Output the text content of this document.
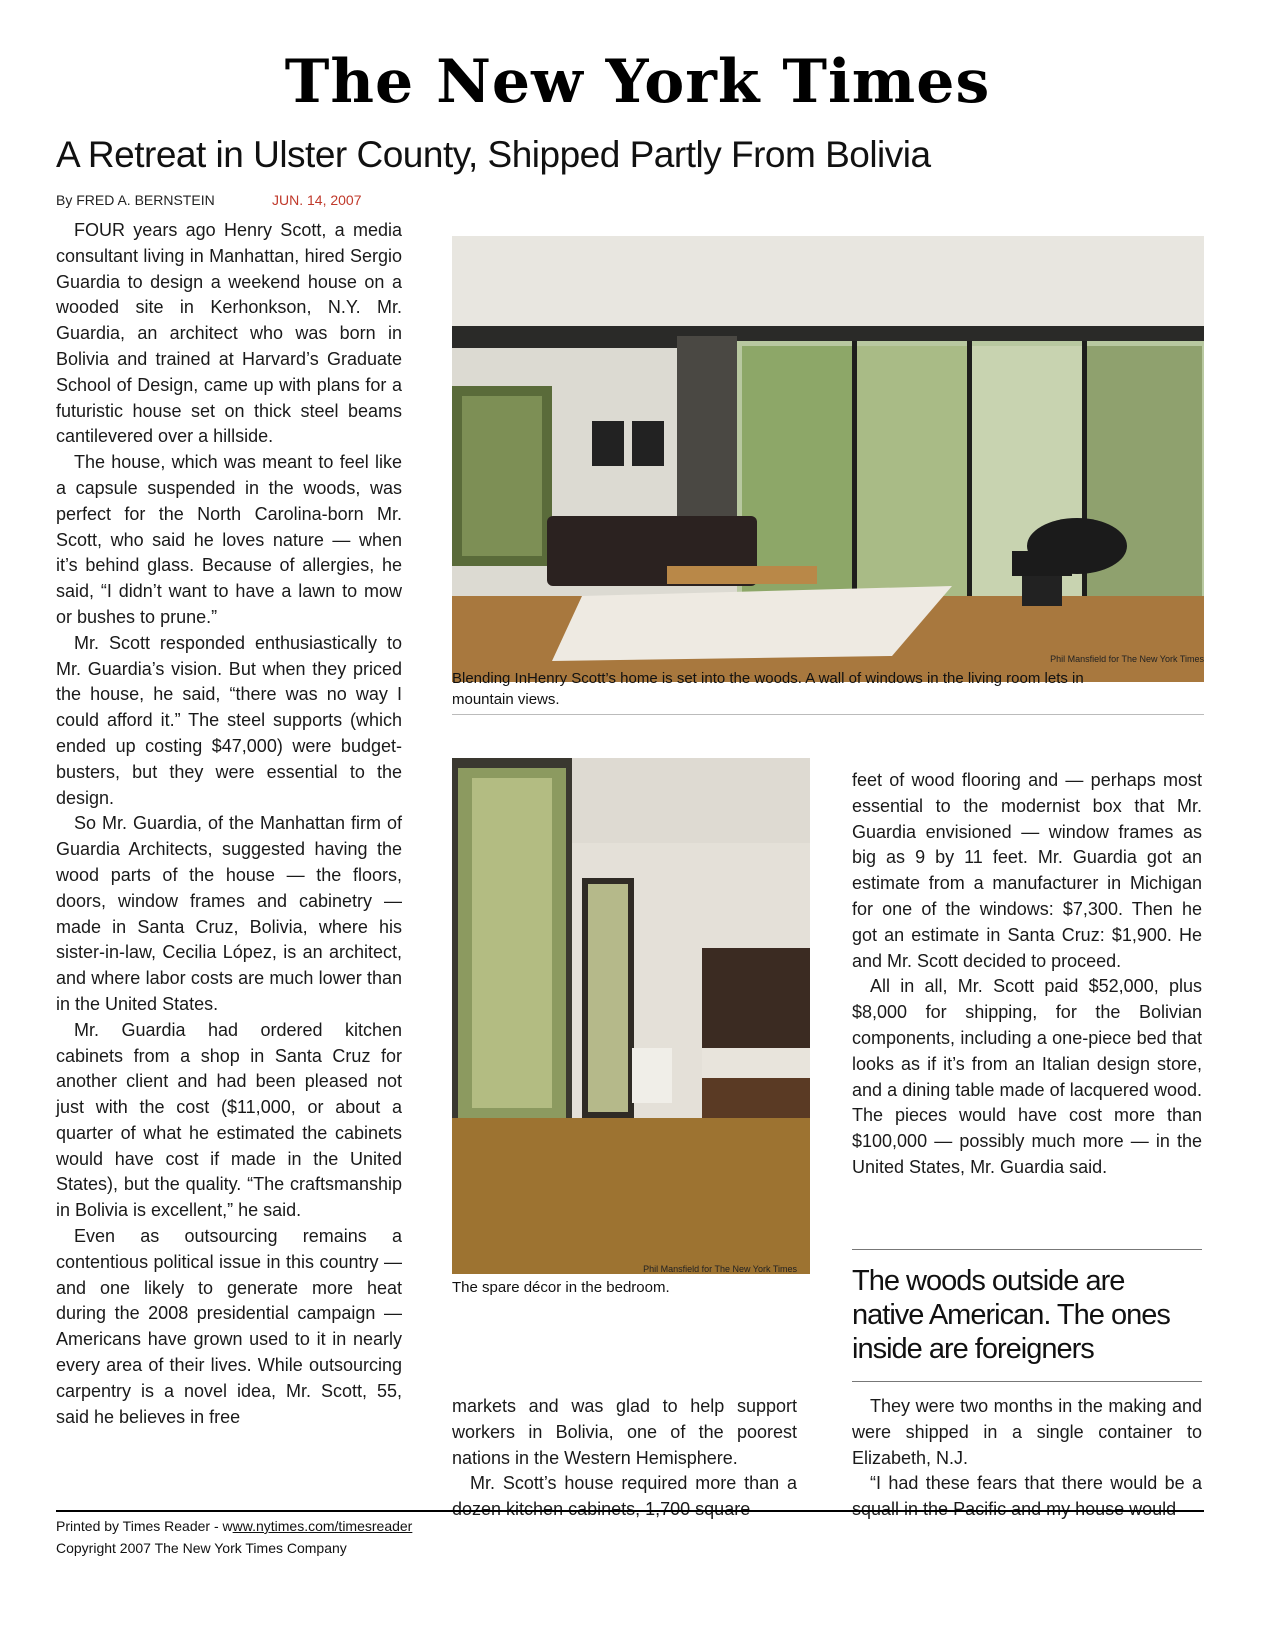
The New York Times
A Retreat in Ulster County, Shipped Partly From Bolivia
By FRED A. BERNSTEIN	JUN. 14, 2007

FOUR years ago Henry Scott, a media consultant living in Manhattan, hired Sergio Guardia to design a weekend house on a wooded site in Kerhonkson, N.Y. Mr. Guardia, an architect who was born in Bolivia and trained at Harvard’s Graduate School of Design, came up with plans for a futuristic house set on thick steel beams cantilevered over a hillside.

The house, which was meant to feel like a capsule suspended in the woods, was perfect for the North Carolina-born Mr. Scott, who said he loves nature — when it’s behind glass. Because of allergies, he said, “I didn’t want to have a lawn to mow or bushes to prune.”

Mr. Scott responded enthusiastically to Mr. Guardia’s vision. But when they priced the house, he said, “there was no way I could afford it.” The steel supports (which ended up costing $47,000) were budget-busters, but they were essential to the design.

So Mr. Guardia, of the Manhattan firm of Guardia Architects, suggested having the wood parts of the house — the floors, doors, window frames and cabinetry — made in Santa Cruz, Bolivia, where his sister-in-law, Cecilia López, is an architect, and where labor costs are much lower than in the United States.

Mr. Guardia had ordered kitchen cabinets from a shop in Santa Cruz for another client and had been pleased not just with the cost ($11,000, or about a quarter of what he estimated the cabinets would have cost if made in the United States), but the quality. “The craftsmanship in Bolivia is excellent,” he said.

Even as outsourcing remains a contentious political issue in this country — and one likely to generate more heat during the 2008 presidential campaign — Americans have grown used to it in nearly every area of their lives. While outsourcing carpentry is a novel idea, Mr. Scott, 55, said he believes in free

Phil Mansfield for The New York Times
Blending InHenry Scott’s home is set into the woods. A wall of windows in the living room lets in mountain views.
Phil Mansfield for The New York Times
The spare décor in the bedroom.

markets and was glad to help support workers in Bolivia, one of the poorest nations in the Western Hemisphere.

Mr. Scott’s house required more than a

feet of wood flooring and — perhaps most essential to the modernist box that Mr. Guardia envisioned — window frames as big as 9 by 11 feet. Mr. Guardia got an estimate from a manufacturer in Michigan for one of the windows: $7,300. Then he got an estimate in Santa Cruz: $1,900. He and Mr. Scott decided to proceed.

All in all, Mr. Scott paid $52,000, plus $8,000 for shipping, for the Bolivian components, including a one-piece bed that looks as if it’s from an Italian design store, and a dining table made of lacquered wood. The pieces would have cost more than $100,000 — possibly much more — in the United States, Mr. Guardia said.

The woods outside are native American. The ones inside are foreigners

They were two months in the making and were shipped in a single container to Elizabeth, N.J.

“I had these fears that there would be a

Printed by Times Reader - www.nytimes.com/timesreader
Copyright 2007 The New York Times Company
